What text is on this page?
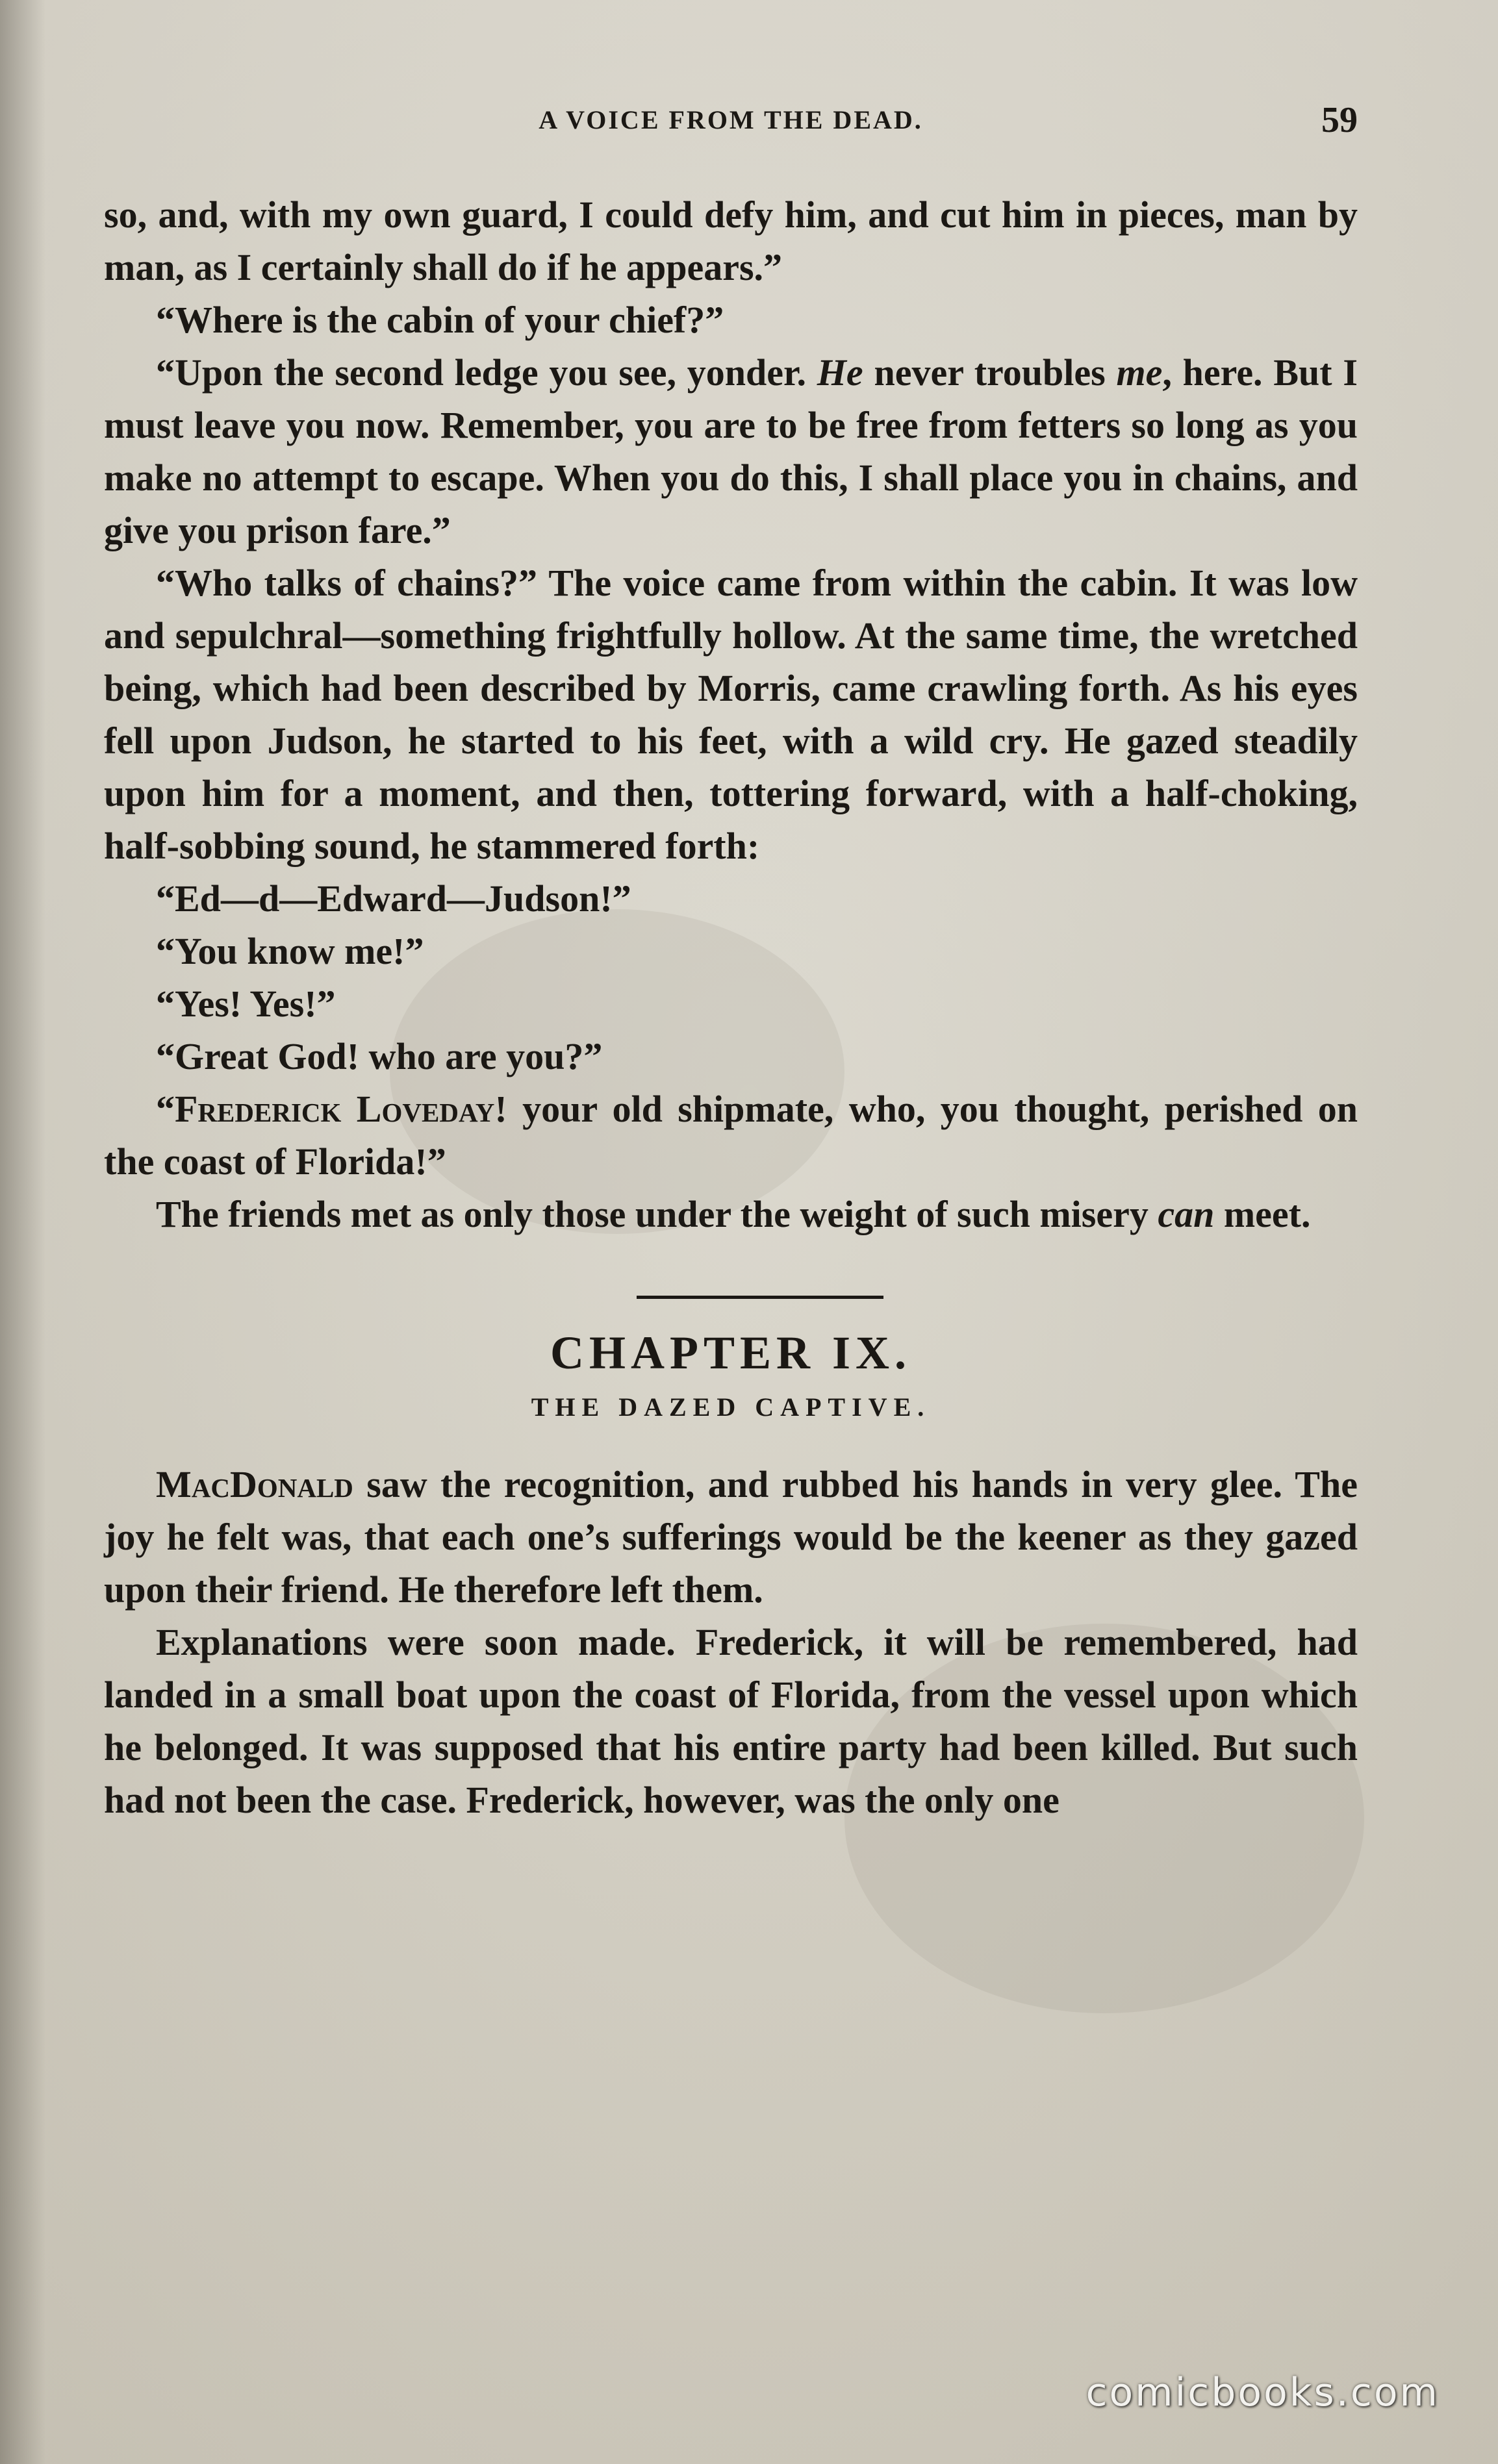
A VOICE FROM THE DEAD.	59

so, and, with my own guard, I could defy him, and cut him in pieces, man by man, as I certainly shall do if he appears.”

“Where is the cabin of your chief?”

“Upon the second ledge you see, yonder. He never troubles me, here. But I must leave you now. Remember, you are to be free from fetters so long as you make no attempt to escape. When you do this, I shall place you in chains, and give you prison fare.”

“Who talks of chains?” The voice came from within the cabin. It was low and sepulchral—something frightfully hollow. At the same time, the wretched being, which had been described by Morris, came crawling forth. As his eyes fell upon Judson, he started to his feet, with a wild cry. He gazed steadily upon him for a moment, and then, tottering forward, with a half-choking, half-sobbing sound, he stammered forth:

“Ed—d—Edward—Judson!”

“You know me!”

“Yes! Yes!”

“Great God! who are you?”

“Frederick Loveday! your old shipmate, who, you thought, perished on the coast of Florida!”

The friends met as only those under the weight of such misery can meet.

CHAPTER IX.
THE DAZED CAPTIVE.

MacDonald saw the recognition, and rubbed his hands in very glee. The joy he felt was, that each one’s sufferings would be the keener as they gazed upon their friend. He therefore left them.

Explanations were soon made. Frederick, it will be remembered, had landed in a small boat upon the coast of Florida, from the vessel upon which he belonged. It was supposed that his entire party had been killed. But such had not been the case. Frederick, however, was the only one

comicbooks.com
